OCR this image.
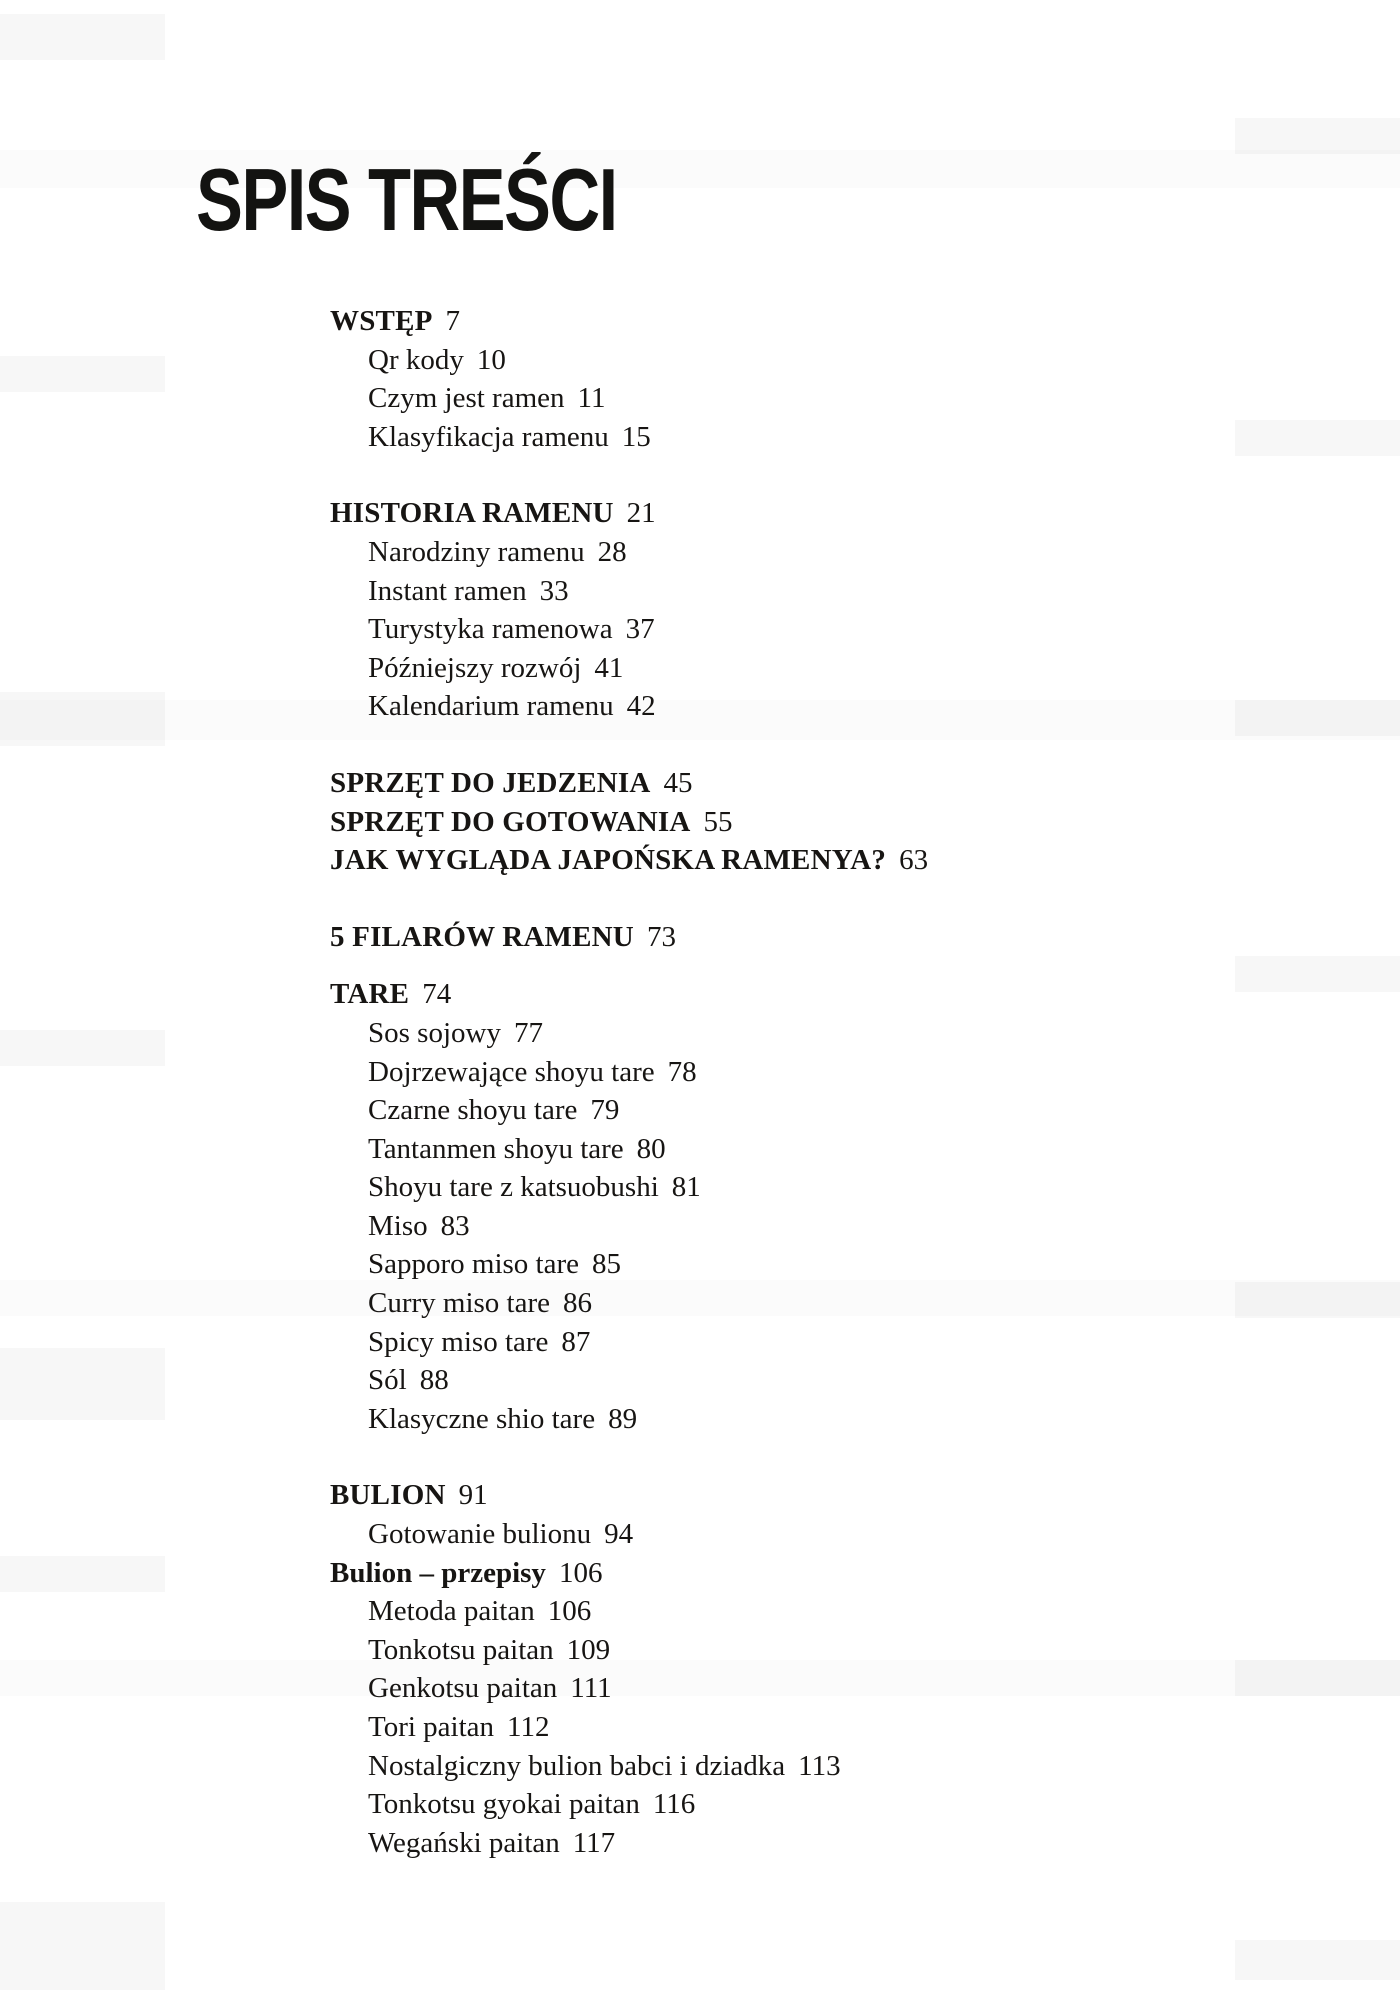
SPIS TREŚCI
WSTĘP 7
Qr kody 10
Czym jest ramen 11
Klasyfikacja ramenu 15
HISTORIA RAMENU 21
Narodziny ramenu 28
Instant ramen 33
Turystyka ramenowa 37
Późniejszy rozwój 41
Kalendarium ramenu 42
SPRZĘT DO JEDZENIA 45
SPRZĘT DO GOTOWANIA 55
JAK WYGLĄDA JAPOŃSKA RAMENYA? 63
5 FILARÓW RAMENU 73
TARE 74
Sos sojowy 77
Dojrzewające shoyu tare 78
Czarne shoyu tare 79
Tantanmen shoyu tare 80
Shoyu tare z katsuobushi 81
Miso 83
Sapporo miso tare 85
Curry miso tare 86
Spicy miso tare 87
Sól 88
Klasyczne shio tare 89
BULION 91
Gotowanie bulionu 94
Bulion – przepisy 106
Metoda paitan 106
Tonkotsu paitan 109
Genkotsu paitan 111
Tori paitan 112
Nostalgiczny bulion babci i dziadka 113
Tonkotsu gyokai paitan 116
Wegański paitan 117
